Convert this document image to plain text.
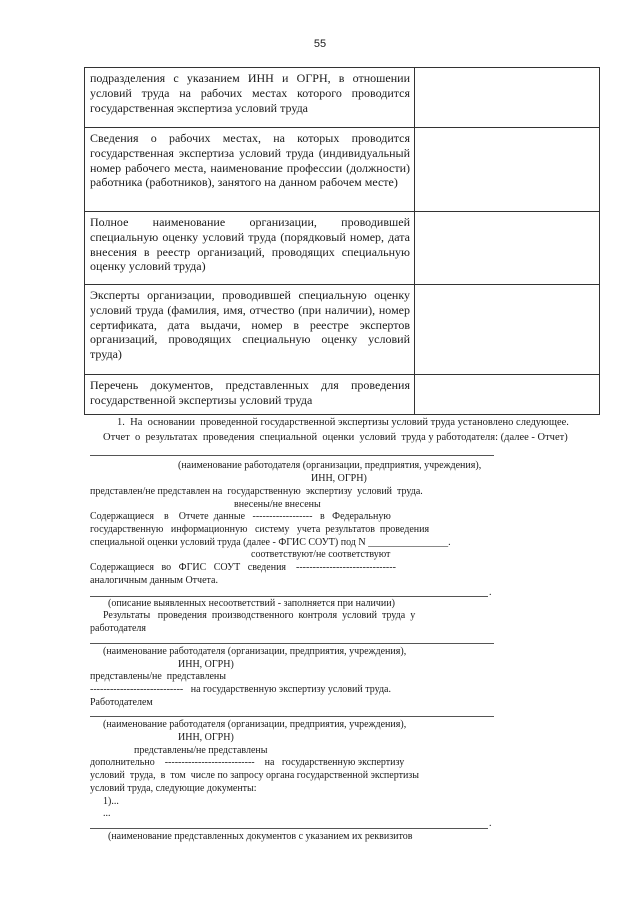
55
подразделения с указанием ИНН и ОГРН, в отношении условий труда на рабочих местах которого проводится государственная экспертиза условий труда	
Сведения о рабочих местах, на которых проводится государственная экспертиза условий труда (индивидуальный номер рабочего места, наименование профессии (должности) работника (работников), занятого на данном рабочем месте)	
Полное наименование организации, проводившей специальную оценку условий труда (порядковый номер, дата внесения в реестр организаций, проводящих специальную оценку условий труда)	
Эксперты организации, проводившей специальную оценку условий труда (фамилия, имя, отчество (при наличии), номер сертификата, дата выдачи, номер в реестре экспертов организаций, проводящих специальную оценку условий труда)	
Перечень документов, представленных для проведения государственной экспертизы условий труда	
1.  На  основании  проведенной государственной экспертизы условий труда установлено следующее.
Отчет  о  результатах  проведения  специальной  оценки  условий  труда у работодателя: (далее - Отчет)
(наименование работодателя (организации, предприятия, учреждения),
ИНН, ОГРН)
представлен/не представлен на  государственную  экспертизу  условий  труда.
внесены/не внесены
Содержащиеся    в    Отчете  данные   ------------------   в   Федеральную
государственную   информационную   систему   учета  результатов  проведения
специальной оценки условий труда (далее - ФГИС СОУТ) под N ________________.
соответствуют/не соответствуют
Содержащиеся   во   ФГИС   СОУТ   сведения    ------------------------------
аналогичным данным Отчета.
.
(описание выявленных несоответствий - заполняется при наличии)
Результаты   проведения  производственного  контроля  условий  труда  у
работодателя
(наименование работодателя (организации, предприятия, учреждения),
ИНН, ОГРН)
представлены/не  представлены
----------------------------   на государственную экспертизу условий труда.
Работодателем
(наименование работодателя (организации, предприятия, учреждения),
ИНН, ОГРН)
представлены/не представлены
дополнительно    ---------------------------    на   государственную экспертизу
условий  труда,  в  том  числе по запросу органа государственной экспертизы
условий труда, следующие документы:
1)...
...
.
(наименование представленных документов с указанием их реквизитов
